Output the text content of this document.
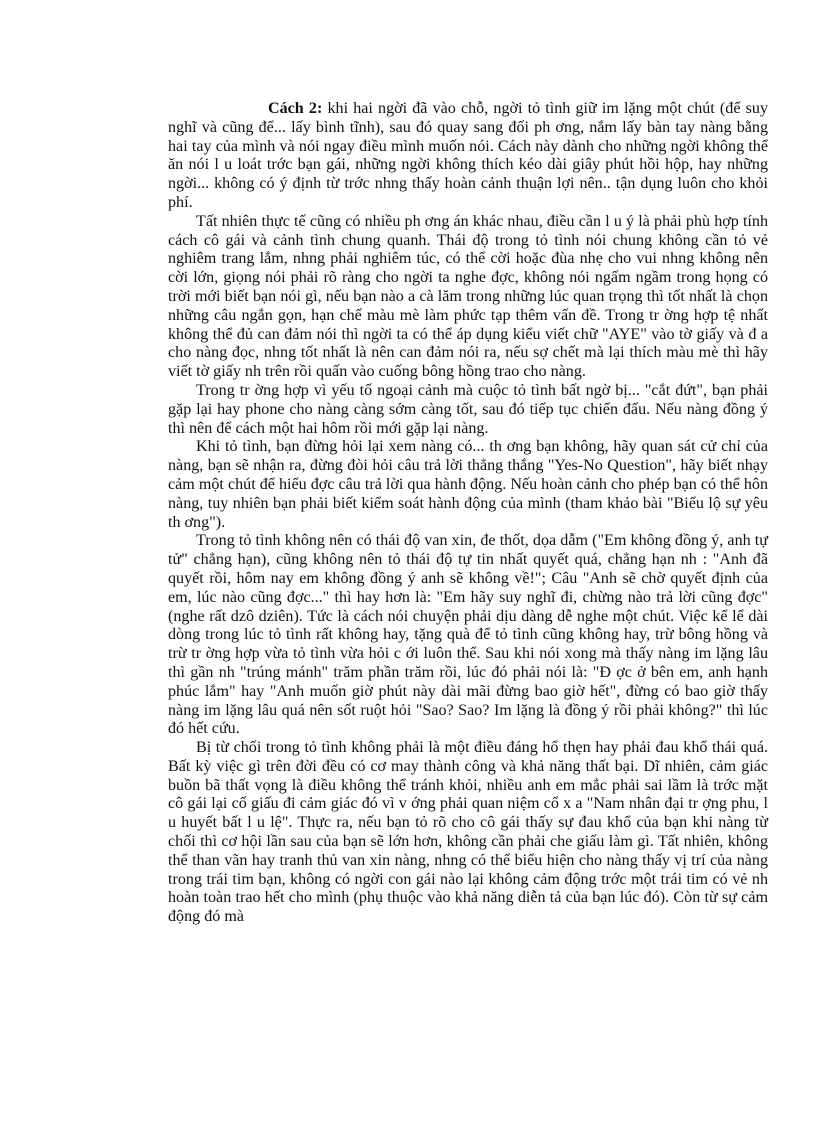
Cách 2: khi hai ngời đã vào chỗ, ngời tỏ tình giữ im lặng một chút (để suy nghĩ và cũng để... lấy bình tĩnh), sau đó quay sang đối ph ơng, nắm lấy bàn tay nàng bằng hai tay của mình và nói ngay điều mình muốn nói. Cách này dành cho những ngời không thể ăn nói l u loát trớc bạn gái, những ngời không thích kéo dài giây phút hồi hộp, hay những ngời... không có ý định từ trớc nhng thấy hoàn cảnh thuận lợi nên.. tận dụng luôn cho khỏi phí.

Tất nhiên thực tế cũng có nhiều ph ơng án khác nhau, điều cần l u ý là phải phù hợp tính cách cô gái và cảnh tình chung quanh. Thái độ trong tỏ tình nói chung không cần tỏ vẻ nghiêm trang lắm, nhng phải nghiêm túc, có thể cời hoặc đùa nhẹ cho vui nhng không nên cời lớn, giọng nói phải rõ ràng cho ngời ta nghe đợc, không nói ngấm ngầm trong họng có trời mới biết bạn nói gì, nếu bạn nào a cà lăm trong những lúc quan trọng thì tốt nhất là chọn những câu ngắn gọn, hạn chế màu mè làm phức tạp thêm vấn đề. Trong tr ờng hợp tệ nhất không thể đủ can đảm nói thì ngời ta có thể áp dụng kiểu viết chữ "AYE" vào tờ giấy và đ a cho nàng đọc, nhng tốt nhất là nên can đảm nói ra, nếu sợ chết mà lại thích màu mè thì hãy viết tờ giấy nh trên rồi quấn vào cuống bông hồng trao cho nàng.

Trong tr ờng hợp vì yếu tố ngoại cảnh mà cuộc tỏ tình bất ngờ bị... "cắt đứt", bạn phải gặp lại hay phone cho nàng càng sớm càng tốt, sau đó tiếp tục chiến đấu. Nếu nàng đồng ý thì nên để cách một hai hôm rồi mới gặp lại nàng.

Khi tỏ tình, bạn đừng hỏi lại xem nàng có... th ơng bạn không, hãy quan sát cử chỉ của nàng, bạn sẽ nhận ra, đừng đòi hỏi câu trả lời thẳng thắng "Yes-No Question", hãy biết nhạy cảm một chút để hiểu đợc câu trả lời qua hành động. Nếu hoàn cảnh cho phép bạn có thể hôn nàng, tuy nhiên bạn phải biết kiểm soát hành động của mình (tham khảo bài "Biểu lộ sự yêu th ơng").

Trong tỏ tình không nên có thái độ van xin, đe thốt, dọa dẫm ("Em không đồng ý, anh tự tử" chẳng hạn), cũng không nên tỏ thái độ tự tin nhất quyết quá, chẳng hạn nh : "Anh đã quyết rồi, hôm nay em không đồng ý anh sẽ không về!"; Câu "Anh sẽ chờ quyết định của em, lúc nào cũng đợc..." thì hay hơn là: "Em hãy suy nghĩ đi, chừng nào trả lời cũng đợc" (nghe rất dzô dziên). Tức là cách nói chuyện phải dịu dàng dễ nghe một chút. Việc kể lể dài dòng trong lúc tỏ tình rất không hay, tặng quà để tỏ tình cũng không hay, trừ bông hồng và trừ tr ờng hợp vừa tỏ tình vừa hỏi c ới luôn thể. Sau khi nói xong mà thấy nàng im lặng lâu thì gần nh "trúng mánh" trăm phần trăm rồi, lúc đó phải nói là: "Đ ợc ở bên em, anh hạnh phúc lắm" hay "Anh muốn giờ phút này dài mãi đừng bao giờ hết", đừng có bao giờ thấy nàng im lặng lâu quá nên sốt ruột hỏi "Sao? Sao? Im lặng là đồng ý rồi phải không?" thì lúc đó hết cứu.

Bị từ chối trong tỏ tình không phải là một điều đáng hổ thẹn hay phải đau khổ thái quá. Bất kỳ việc gì trên đời đều có cơ may thành công và khả năng thất bại. Dĩ nhiên, cảm giác buồn bã thất vọng là điều không thể tránh khỏi, nhiều anh em mắc phải sai lầm là trớc mặt cô gái lại cố giấu đi cảm giác đó vì v ớng phải quan niệm cổ x a "Nam nhân đại tr ợng phu, l u huyết bất l u lệ". Thực ra, nếu bạn tỏ rõ cho cô gái thấy sự đau khổ của bạn khi nàng từ chối thì cơ hội lần sau của bạn sẽ lớn hơn, không cần phải che giấu làm gì. Tất nhiên, không thể than vãn hay tranh thủ van xin nàng, nhng có thể biểu hiện cho nàng thấy vị trí của nàng trong trái tim bạn, không có ngời con gái nào lại không cảm động trớc một trái tim có vẻ nh hoàn toàn trao hết cho mình (phụ thuộc vào khả năng diễn tả của bạn lúc đó). Còn từ sự cảm động đó mà
